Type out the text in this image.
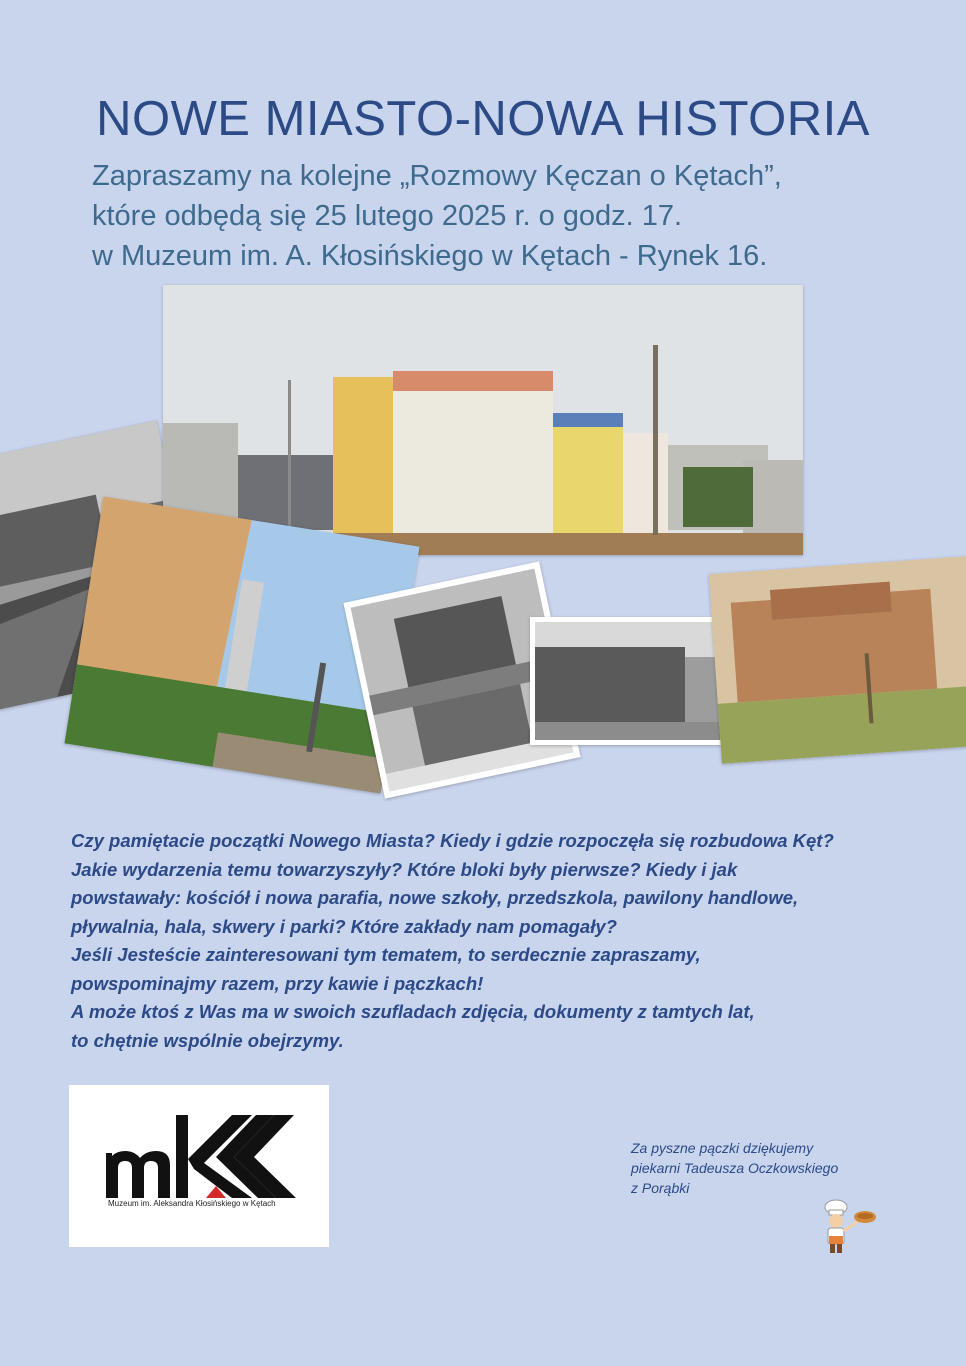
NOWE MIASTO-NOWA HISTORIA
Zapraszamy na kolejne „Rozmowy Kęczan o Kętach”,
które odbędą się 25 lutego 2025 r. o godz. 17.
w Muzeum im. A. Kłosińskiego w Kętach - Rynek 16.
Czy pamiętacie początki Nowego Miasta? Kiedy i gdzie rozpoczęła się rozbudowa Kęt?
Jakie wydarzenia temu towarzyszyły? Które bloki były pierwsze? Kiedy i jak
powstawały: kościół i nowa parafia, nowe szkoły, przedszkola, pawilony handlowe,
pływalnia, hala, skwery i parki? Które zakłady nam pomagały?
Jeśli Jesteście zainteresowani tym tematem, to serdecznie zapraszamy,
powspominajmy razem, przy kawie i pączkach!
A może ktoś z Was ma w swoich szufladach zdjęcia, dokumenty z tamtych lat,
to chętnie wspólnie obejrzymy.
Muzeum im. Aleksandra Kłosińskiego w Kętach
Za pyszne pączki dziękujemy
piekarni Tadeusza Oczkowskiego
z Porąbki
